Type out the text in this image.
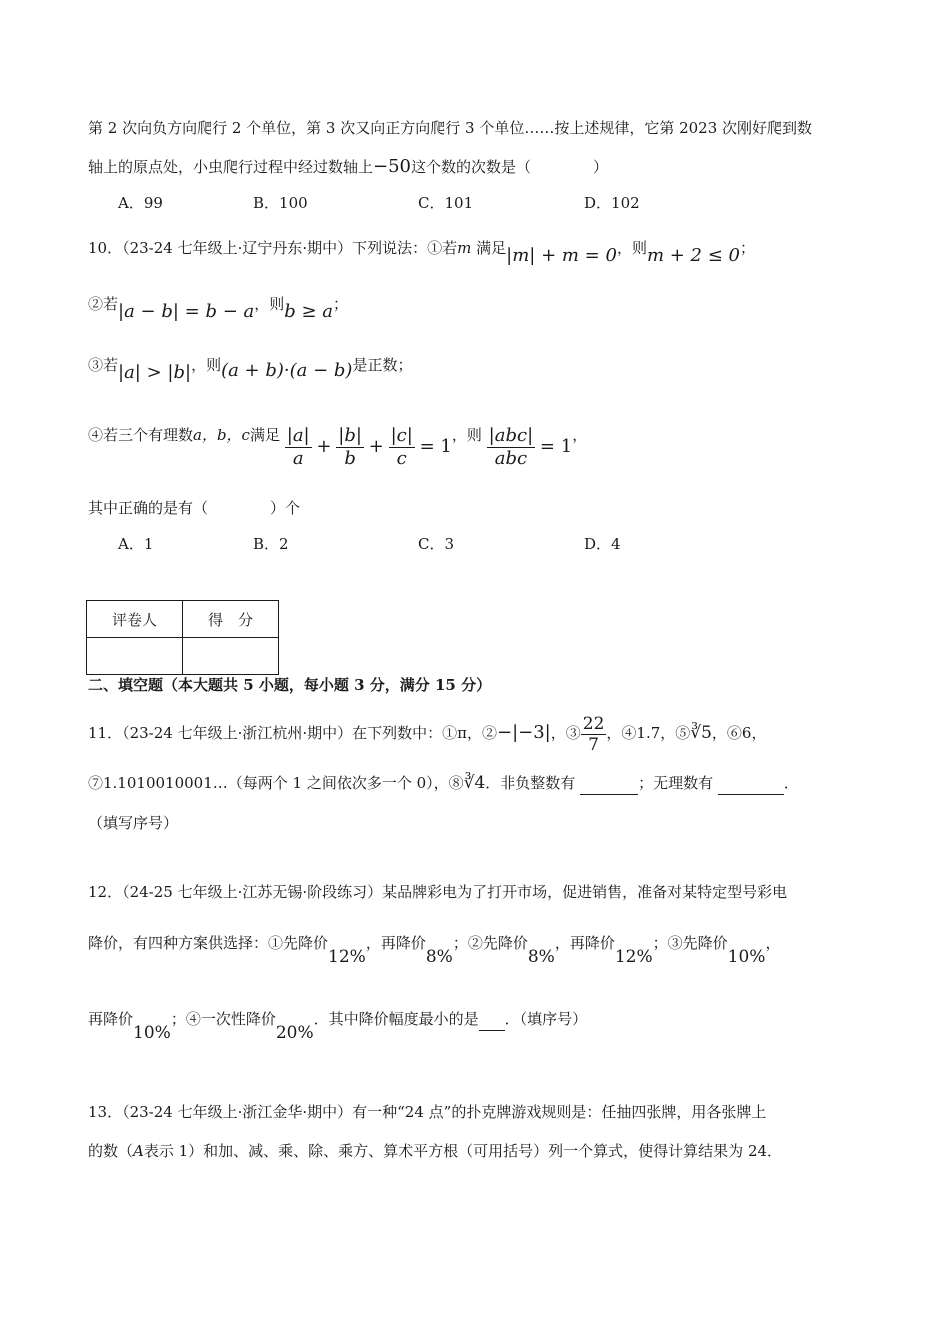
第 2 次向负方向爬行 2 个单位，第 3 次又向正方向爬行 3 个单位……按上述规律，它第 2023 次刚好爬到数
轴上的原点处，小虫爬行过程中经过数轴上−50这个数的次数是（	）
A．99	B．100	C．101	D．102
10．（23-24 七年级上·辽宁丹东·期中）下列说法：①若m 满足|m| + m = 0，则m + 2 ≤ 0；
②若|a − b| = b − a，则b ≥ a；
③若|a| > |b|，则(a + b)·(a − b)是正数；
④若三个有理数a，b，c满足 $\frac{|a|}{a} + \frac{|b|}{b} + \frac{|c|}{c} = 1$，则 $\frac{\text{|abc|}}{\text{abc}} = 1$，
其中正确的是有（	）个
A．1	B．2	C．3	D．4
评卷人	得　分

二、填空题（本大题共 5 小题，每小题 3 分，满分 15 分）
11．（23-24 七年级上·浙江杭州·期中）在下列数中：①π，②−|−3|，③ $\frac{22}{7}$ ，④1.7，⑤∛5，⑥6，
⑦1.1010010001…（每两个 1 之间依次多一个 0），⑧∛4．非负整数有	；无理数有	．
（填写序号）
12．（24-25 七年级上·江苏无锡·阶段练习）某品牌彩电为了打开市场，促进销售，准备对某特定型号彩电
降价，有四种方案供选择：①先降价12%，再降价8%；②先降价8%，再降价12%；③先降价10%，
再降价10%；④一次性降价20%．其中降价幅度最小的是 ．（填序号）
13．（23-24 七年级上·浙江金华·期中）有一种“24 点”的扑克牌游戏规则是：任抽四张牌，用各张牌上
的数（A表示 1）和加、减、乘、除、乘方、算术平方根（可用括号）列一个算式，使得计算结果为 24．
